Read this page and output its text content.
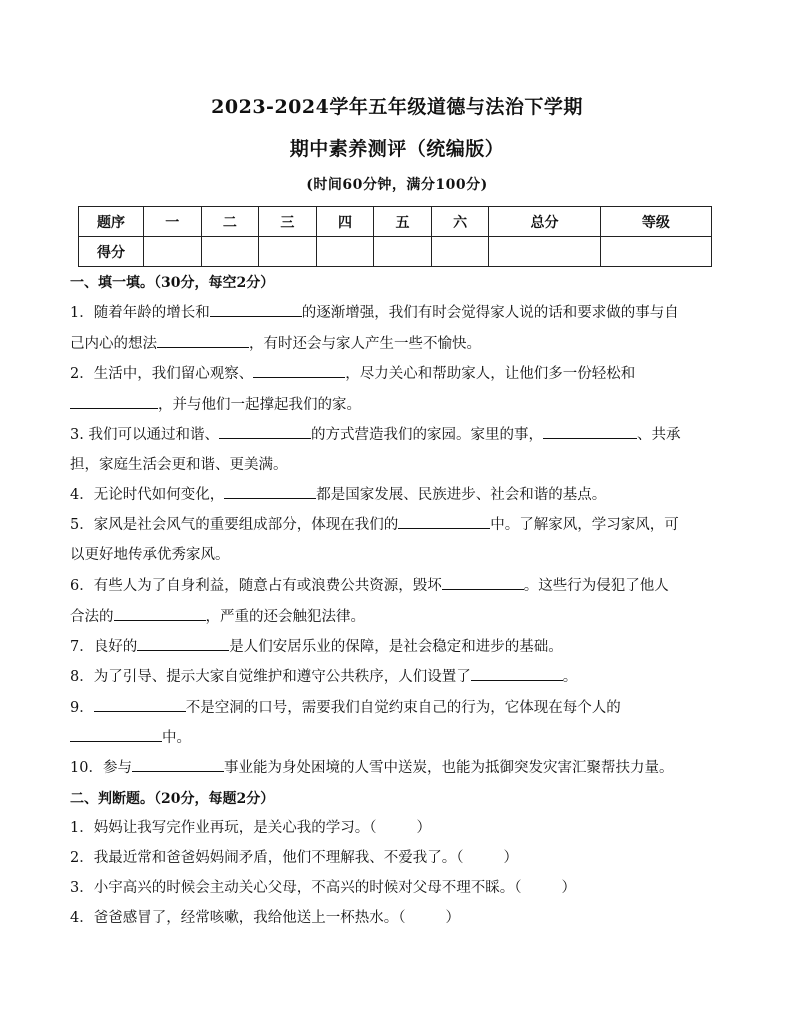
2023-2024学年五年级道德与法治下学期
期中素养测评（统编版）
(时间60分钟，满分100分)
题序	一	二	三	四	五	六	总分	等级
得分								
一、填一填。（30分，每空2分）
1．随着年龄的增长和	的逐渐增强，我们有时会觉得家人说的话和要求做的事与自
己内心的想法	，有时还会与家人产生一些不愉快。
2．生活中，我们留心观察、	，尽力关心和帮助家人，让他们多一份轻松和
，并与他们一起撑起我们的家。
3. 我们可以通过和谐、	的方式营造我们的家园。家里的事，	、共承
担，家庭生活会更和谐、更美满。
4．无论时代如何变化，	都是国家发展、民族进步、社会和谐的基点。
5．家风是社会风气的重要组成部分，体现在我们的	中。了解家风，学习家风，可
以更好地传承优秀家风。
6．有些人为了自身利益，随意占有或浪费公共资源，毁坏	。这些行为侵犯了他人
合法的	，严重的还会触犯法律。
7．良好的	是人们安居乐业的保障，是社会稳定和进步的基础。
8．为了引导、提示大家自觉维护和遵守公共秩序，人们设置了	。
9．	不是空洞的口号，需要我们自觉约束自己的行为，它体现在每个人的
中。
10．参与	事业能为身处困境的人雪中送炭，也能为抵御突发灾害汇聚帮扶力量。
二、判断题。（20分，每题2分）
1．妈妈让我写完作业再玩，是关心我的学习。（	）
2．我最近常和爸爸妈妈闹矛盾，他们不理解我、不爱我了。（	）
3．小宇高兴的时候会主动关心父母，不高兴的时候对父母不理不睬。（	）
4．爸爸感冒了，经常咳嗽，我给他送上一杯热水。（	）
